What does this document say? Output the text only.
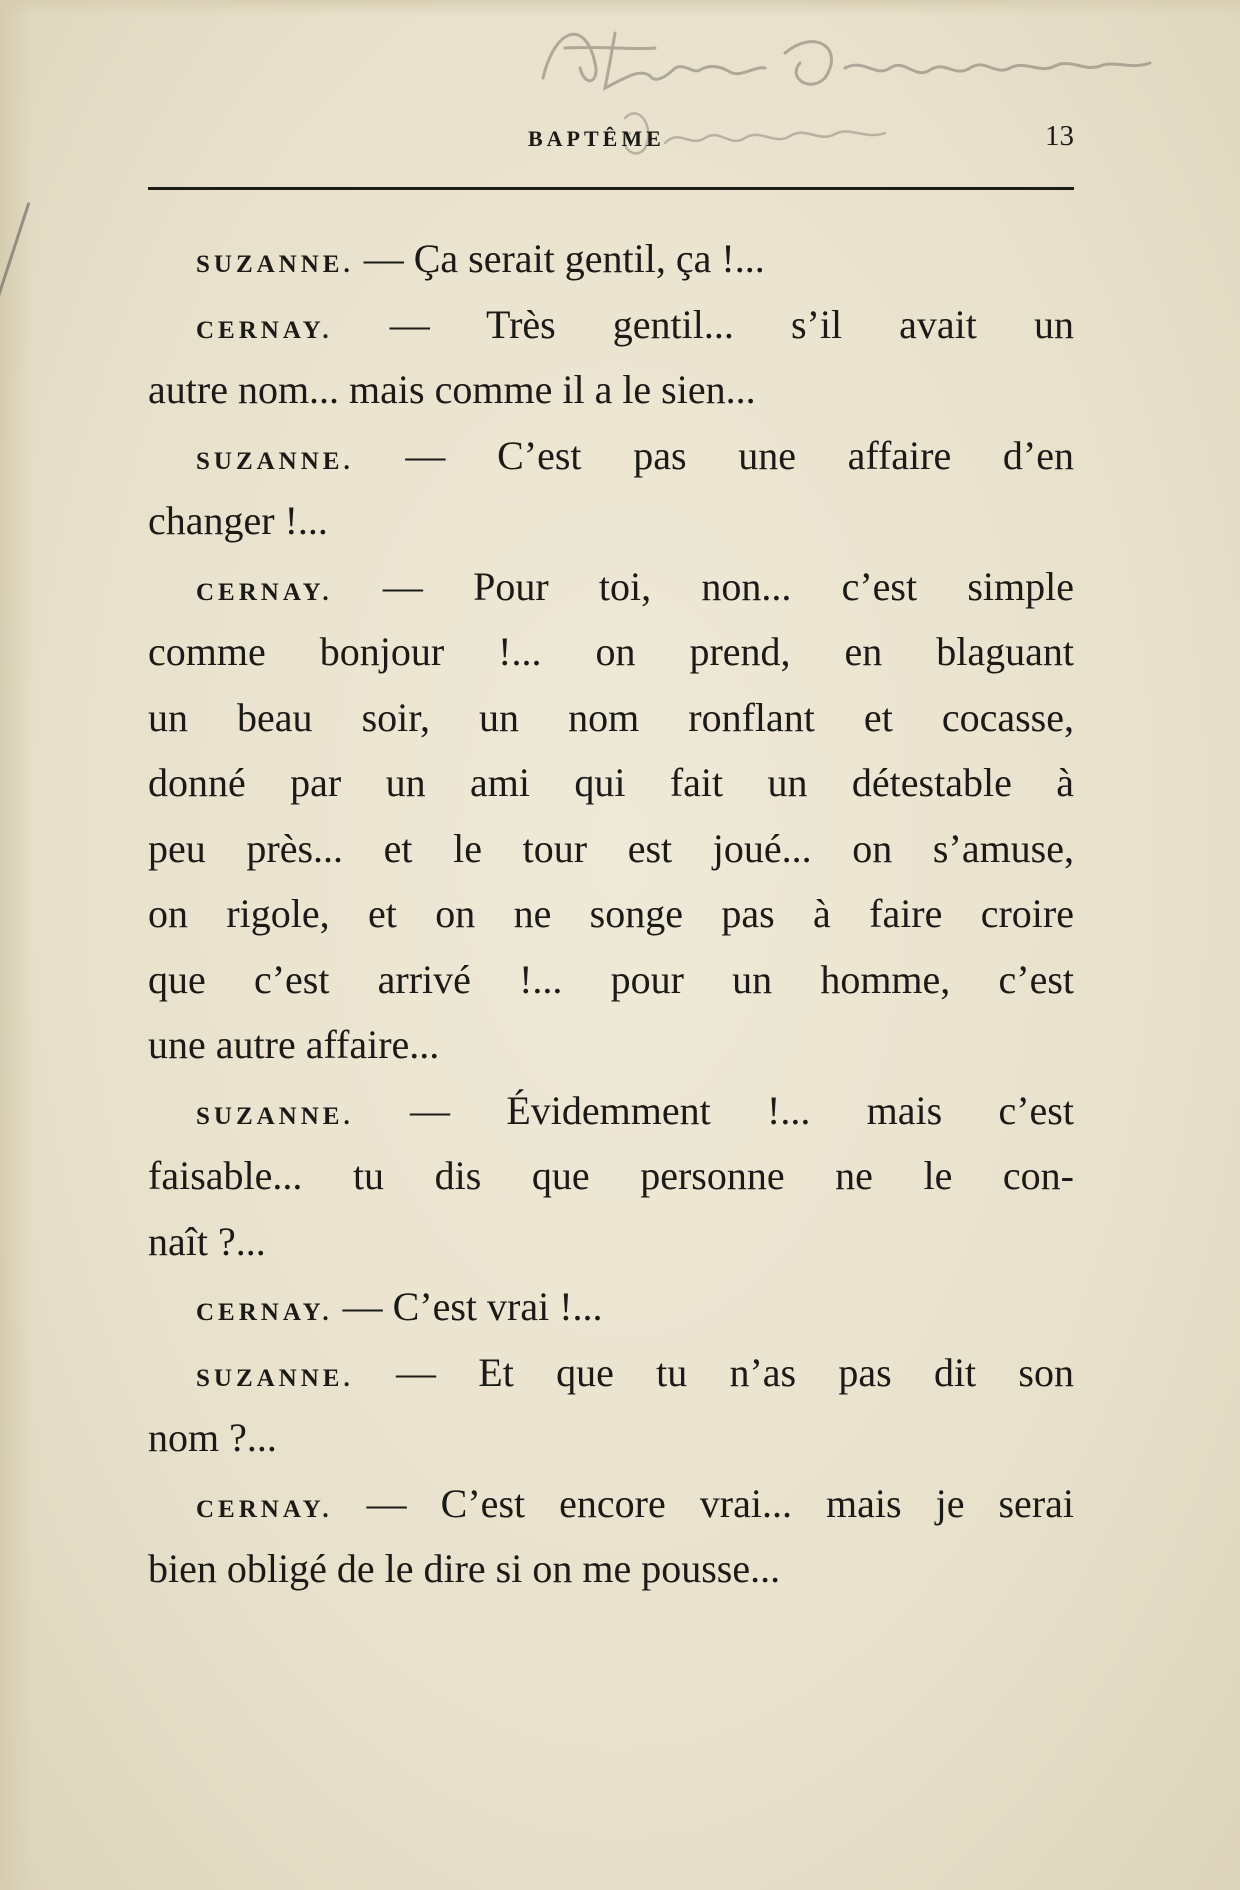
BAPTÊME	13
SUZANNE. — Ça serait gentil, ça !...
CERNAY. — Très gentil... s’il avait un
autre nom... mais comme il a le sien...
SUZANNE. — C’est pas une affaire d’en
changer !...
CERNAY. — Pour toi, non... c’est simple
comme bonjour !... on prend, en blaguant
un beau soir, un nom ronflant et cocasse,
donné par un ami qui fait un détestable à
peu près... et le tour est joué... on s’amuse,
on rigole, et on ne songe pas à faire croire
que c’est arrivé !... pour un homme, c’est
une autre affaire...
SUZANNE. — Évidemment !... mais c’est
faisable... tu dis que personne ne le con-
naît ?...
CERNAY. — C’est vrai !...
SUZANNE. — Et que tu n’as pas dit son
nom ?...
CERNAY. — C’est encore vrai... mais je serai
bien obligé de le dire si on me pousse...
